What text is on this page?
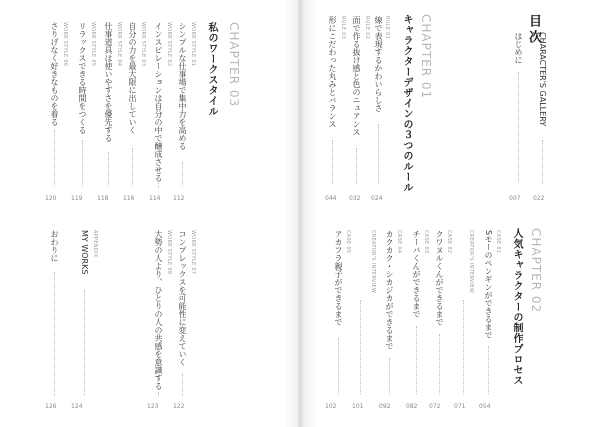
目次
はじめに
007
CHARACTER'S GALLERY
022
CHAPTER 01
キャラクターデザインの３つのルール
RULE 01
線で表現するかわいらしさ
024
RULE 02
面で作る抜け感と色のニュアンス
032
RULE 03
形にこだわった丸みとバランス
044
CHAPTER 02
人気キャラクターの制作プロセス
CASE 01
Sモーのペンギンができるまで
054
CREATOR'S INTERVIEW

071
CASE 02
クワヌルくんができるまで
072
CASE 03
チーバくんができるまで
082
CASE 04
カクカク・シカジカができるまで
092
CREATOR'S INTERVIEW
101
CASE 05
アカフラ親子ができるまで
102
CHAPTER 03
私のワークスタイル
WORK STYLE 01
シンプルな仕事場で集中力を高める
112
WORK STYLE 02
インスピレーションは自分の中で醸成させる
114
WORK STYLE 03
自分の力を最大限に出していく
116
WORK STYLE 04
仕事道具は使いやすさを優先する
118
WORK STYLE 05
リラックスできる時間をつくる
119
WORK STYLE 06
さりげなく好きなものを着る
120
WORK STYLE 07
コンプレックスを可能性に変えていく
122
WORK STYLE 08
大勢の人より、ひとりの人の共感を意識する
123
APPENDIX
MY WORKS
124
おわりに
126
